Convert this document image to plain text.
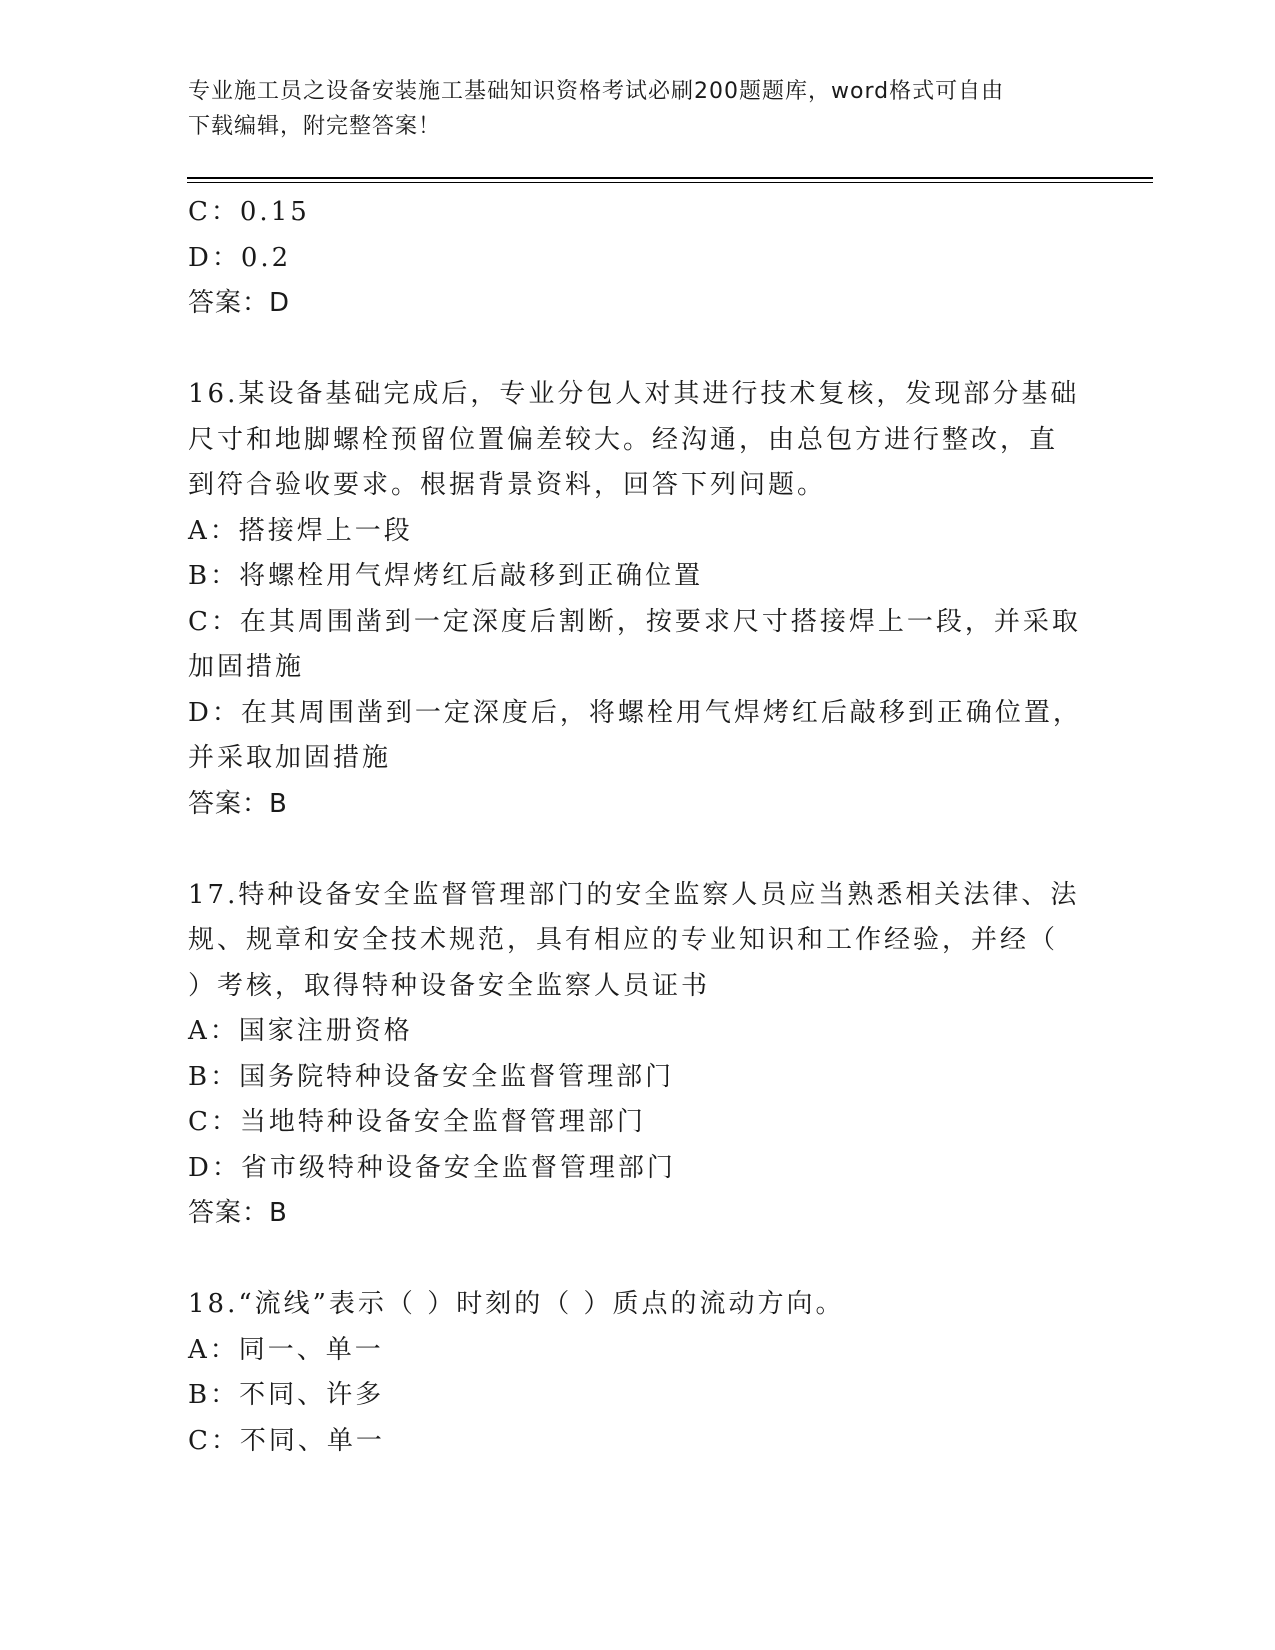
专业施工员之设备安装施工基础知识资格考试必刷200题题库，word格式可自由
下载编辑，附完整答案！
C：0.15
D：0.2
答案：D
16.某设备基础完成后，专业分包人对其进行技术复核，发现部分基础
尺寸和地脚螺栓预留位置偏差较大。经沟通，由总包方进行整改，直
到符合验收要求。根据背景资料，回答下列问题。
A：搭接焊上一段
B：将螺栓用气焊烤红后敲移到正确位置
C：在其周围凿到一定深度后割断，按要求尺寸搭接焊上一段，并采取
加固措施
D：在其周围凿到一定深度后，将螺栓用气焊烤红后敲移到正确位置，
并采取加固措施
答案：B
17.特种设备安全监督管理部门的安全监察人员应当熟悉相关法律、法
规、规章和安全技术规范，具有相应的专业知识和工作经验，并经（
）考核，取得特种设备安全监察人员证书
A：国家注册资格
B：国务院特种设备安全监督管理部门
C：当地特种设备安全监督管理部门
D：省市级特种设备安全监督管理部门
答案：B
18.“流线”表示（ ）时刻的（ ）质点的流动方向。
A：同一、单一
B：不同、许多
C：不同、单一
